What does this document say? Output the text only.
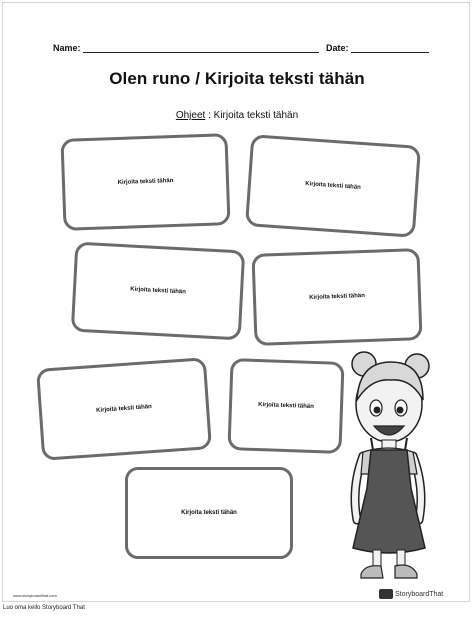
Name:	Date:
Olen runo / Kirjoita teksti tähän
Ohjeet : Kirjoita teksti tähän
Kirjoita teksti tähän	Kirjoita teksti tähän
Kirjoita teksti tähän
Kirjoita teksti tähän
Kirjoita teksti tähän	Kirjoita teksti tähän
Kirjoita teksti tähän
www.storyboardthat.com	StoryboardThat
Luo oma kello Storyboard That
